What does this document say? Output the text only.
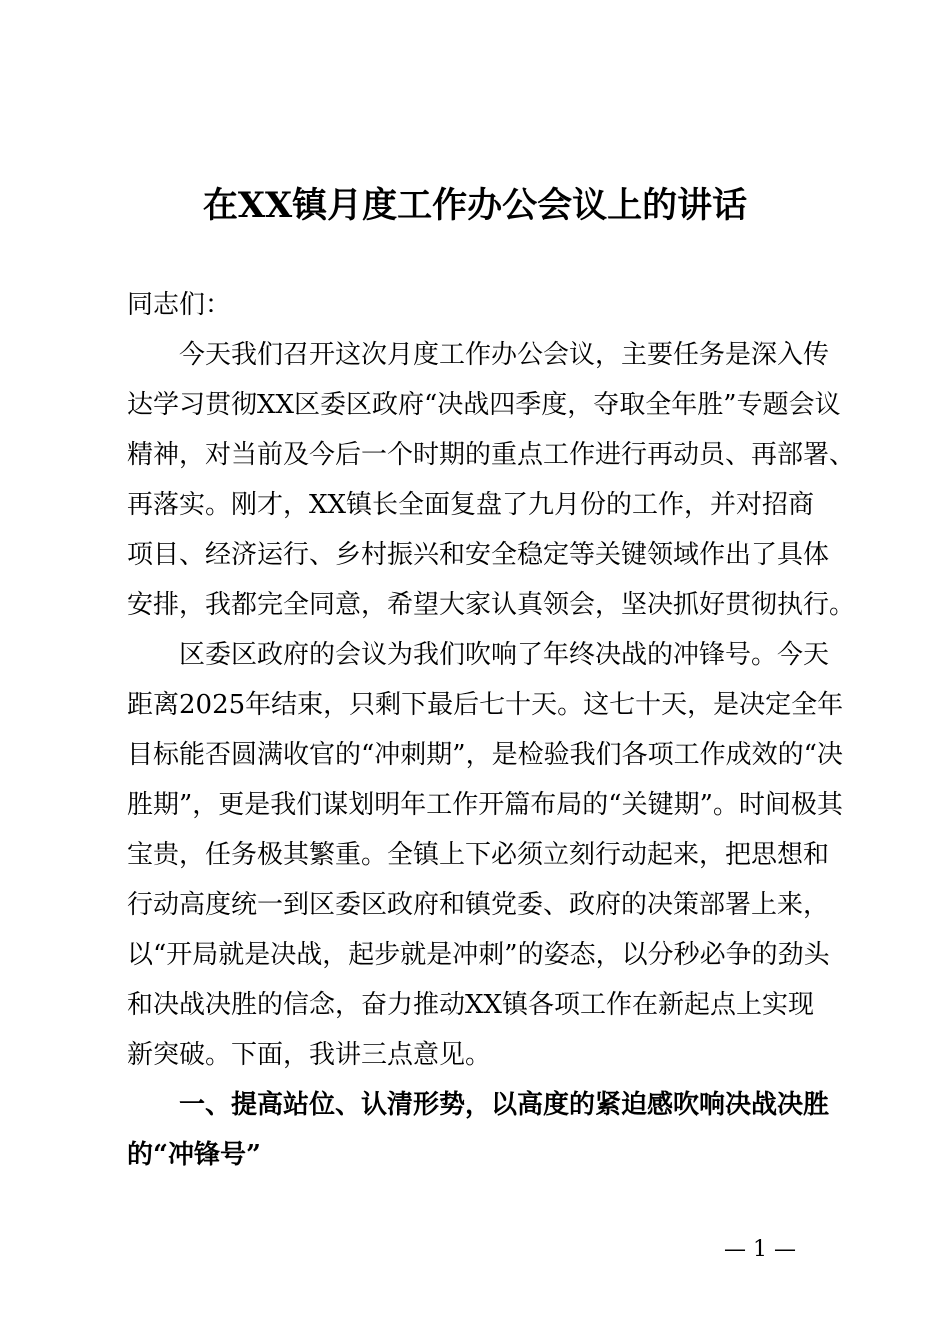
在XX镇月度工作办公会议上的讲话

同志们：

今天我们召开这次月度工作办公会议，主要任务是深入传

达学习贯彻XX区委区政府“决战四季度，夺取全年胜”专题会议

精神，对当前及今后一个时期的重点工作进行再动员、再部署、

再落实。刚才，XX镇长全面复盘了九月份的工作，并对招商

项目、经济运行、乡村振兴和安全稳定等关键领域作出了具体

安排，我都完全同意，希望大家认真领会，坚决抓好贯彻执行。

区委区政府的会议为我们吹响了年终决战的冲锋号。今天

距离2025年结束，只剩下最后七十天。这七十天，是决定全年

目标能否圆满收官的“冲刺期”，是检验我们各项工作成效的“决

胜期”，更是我们谋划明年工作开篇布局的“关键期”。时间极其

宝贵，任务极其繁重。全镇上下必须立刻行动起来，把思想和

行动高度统一到区委区政府和镇党委、政府的决策部署上来，

以“开局就是决战，起步就是冲刺”的姿态，以分秒必争的劲头

和决战决胜的信念，奋力推动XX镇各项工作在新起点上实现

新突破。下面，我讲三点意见。

一、提高站位、认清形势，以高度的紧迫感吹响决战决胜

的“冲锋号”

— 1 —
